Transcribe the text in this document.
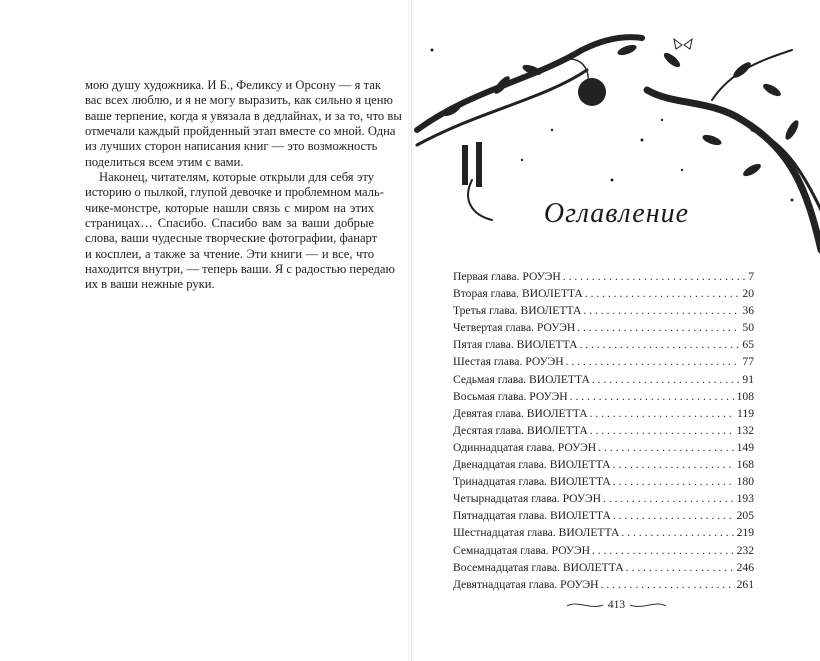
мою душу художника. И Б., Феликсу и Орсону — я так
вас всех люблю, и я не могу выразить, как сильно я ценю
ваше терпение, когда я увязала в дедлайнах, и за то, что вы
отмечали каждый пройденный этап вместе со мной. Одна
из лучших сторон написания книг — это возможность
поделиться всем этим с вами.
Наконец, читателям, которые открыли для себя эту
историю о пылкой, глупой девочке и проблемном маль-
чике-монстре, которые нашли связь с миром на этих
страницах… Спасибо. Спасибо вам за ваши добрые
слова, ваши чудесные творческие фотографии, фанарт
и косплеи, а также за чтение. Эти книги — и все, что
находится внутри, — теперь ваши. Я с радостью передаю
их в ваши нежные руки.
Оглавление
Первая глава. РОУЭН . . .	7
Вторая глава. ВИОЛЕТТА . . .	20
Третья глава. ВИОЛЕТТА . . .	36
Четвертая глава. РОУЭН . . .	50
Пятая глава. ВИОЛЕТТА . . .	65
Шестая глава. РОУЭН . . .	77
Седьмая глава. ВИОЛЕТТА . . .	91
Восьмая глава. РОУЭН . . .	108
Девятая глава. ВИОЛЕТТА . . .	119
Десятая глава. ВИОЛЕТТА . . .	132
Одиннадцатая глава. РОУЭН . . .	149
Двенадцатая глава. ВИОЛЕТТА . . .	168
Тринадцатая глава. ВИОЛЕТТА . . .	180
Четырнадцатая глава. РОУЭН . . .	193
Пятнадцатая глава. ВИОЛЕТТА . . .	205
Шестнадцатая глава. ВИОЛЕТТА . . .	219
Семнадцатая глава. РОУЭН . . .	232
Восемнадцатая глава. ВИОЛЕТТА . . .	246
Девятнадцатая глава. РОУЭН . . .	261
413
